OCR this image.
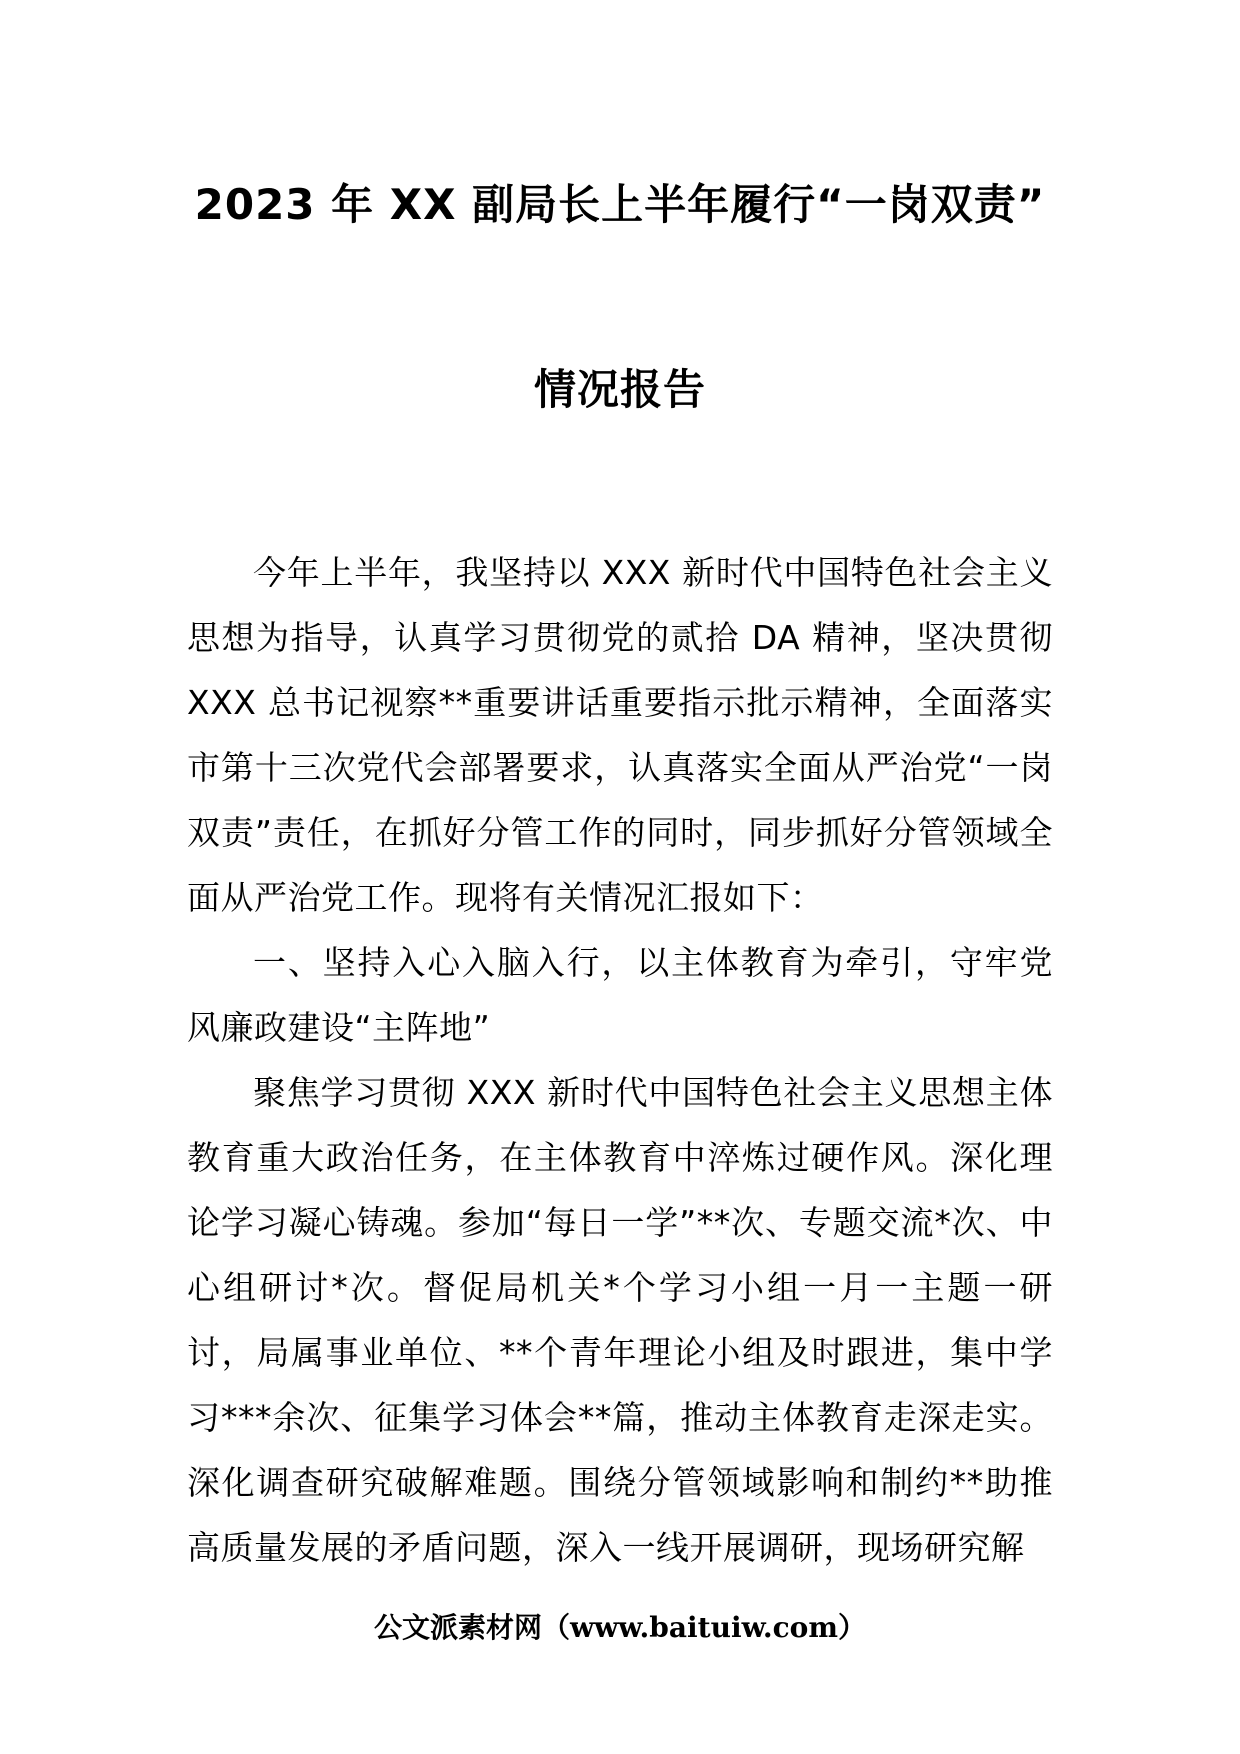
2023 年 XX 副局长上半年履行“一岗双责”
情况报告

今年上半年，我坚持以 XXX 新时代中国特色社会主义思想为指导，认真学习贯彻党的贰拾 DA 精神，坚决贯彻 XXX 总书记视察**重要讲话重要指示批示精神，全面落实市第十三次党代会部署要求，认真落实全面从严治党“一岗双责”责任，在抓好分管工作的同时，同步抓好分管领域全面从严治党工作。现将有关情况汇报如下：

一、坚持入心入脑入行，以主体教育为牵引，守牢党风廉政建设“主阵地”

聚焦学习贯彻 XXX 新时代中国特色社会主义思想主体教育重大政治任务，在主体教育中淬炼过硬作风。深化理论学习凝心铸魂。参加“每日一学”**次、专题交流*次、中心组研讨*次。督促局机关*个学习小组一月一主题一研讨，局属事业单位、**个青年理论小组及时跟进，集中学习***余次、征集学习体会**篇，推动主体教育走深走实。深化调查研究破解难题。围绕分管领域影响和制约**助推高质量发展的矛盾问题，深入一线开展调研，现场研究解

公文派素材网（www.baituiw.com）
